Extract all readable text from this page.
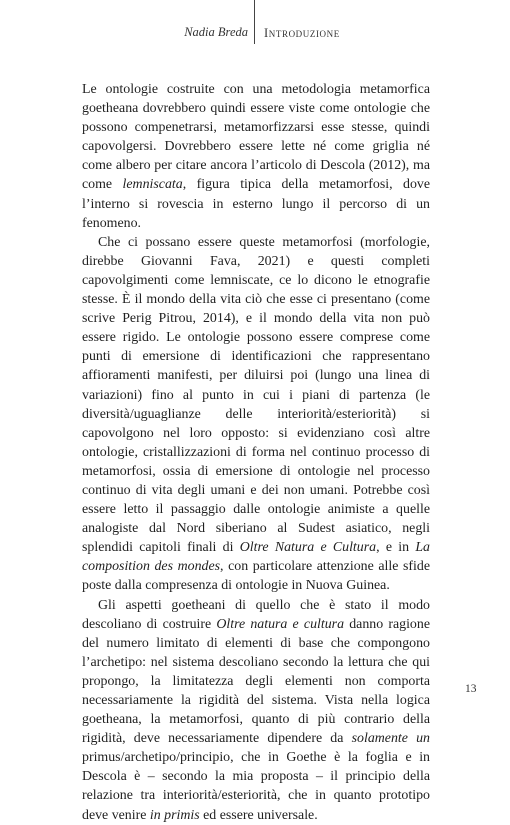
Nadia Breda Introduzione

Le ontologie costruite con una metodologia metamorfica goetheana dovrebbero quindi essere viste come ontologie che possono compenetrarsi, metamorfizzarsi esse stesse, quindi capovolgersi. Dovrebbero essere lette né come griglia né come albero per citare ancora l’articolo di Descola (2012), ma come lemniscata, figura tipica della metamorfosi, dove l’interno si rovescia in esterno lungo il percorso di un fenomeno.

Che ci possano essere queste metamorfosi (morfologie, direbbe Giovanni Fava, 2021) e questi completi capovolgimenti come lemniscate, ce lo dicono le etnografie stesse. È il mondo della vita ciò che esse ci presentano (come scrive Perig Pitrou, 2014), e il mondo della vita non può essere rigido. Le ontologie possono essere comprese come punti di emersione di identificazioni che rappresentano affioramenti manifesti, per diluirsi poi (lungo una linea di variazioni) fino al punto in cui i piani di partenza (le diversità/uguaglianze delle interiorità/esteriorità) si capovolgono nel loro opposto: si evidenziano così altre ontologie, cristallizzazioni di forma nel continuo processo di metamorfosi, ossia di emersione di ontologie nel processo continuo di vita degli umani e dei non umani. Potrebbe così essere letto il passaggio dalle ontologie animiste a quelle analogiste dal Nord siberiano al Sudest asiatico, negli splendidi capitoli finali di Oltre Natura e Cultura, e in La composition des mondes, con particolare attenzione alle sfide poste dalla compresenza di ontologie in Nuova Guinea.

Gli aspetti goetheani di quello che è stato il modo descoliano di costruire Oltre natura e cultura danno ragione del numero limitato di elementi di base che compongono l’archetipo: nel sistema descoliano secondo la lettura che qui propongo, la limitatezza degli elementi non comporta necessariamente la rigidità del sistema. Vista nella logica goetheana, la metamorfosi, quanto di più contrario della rigidità, deve necessariamente dipendere da solamente un primus/archetipo/principio, che in Goethe è la foglia e in Descola è – secondo la mia proposta – il principio della relazione tra interiorità/esteriorità, che in quanto prototipo deve venire in primis ed essere universale.

13
